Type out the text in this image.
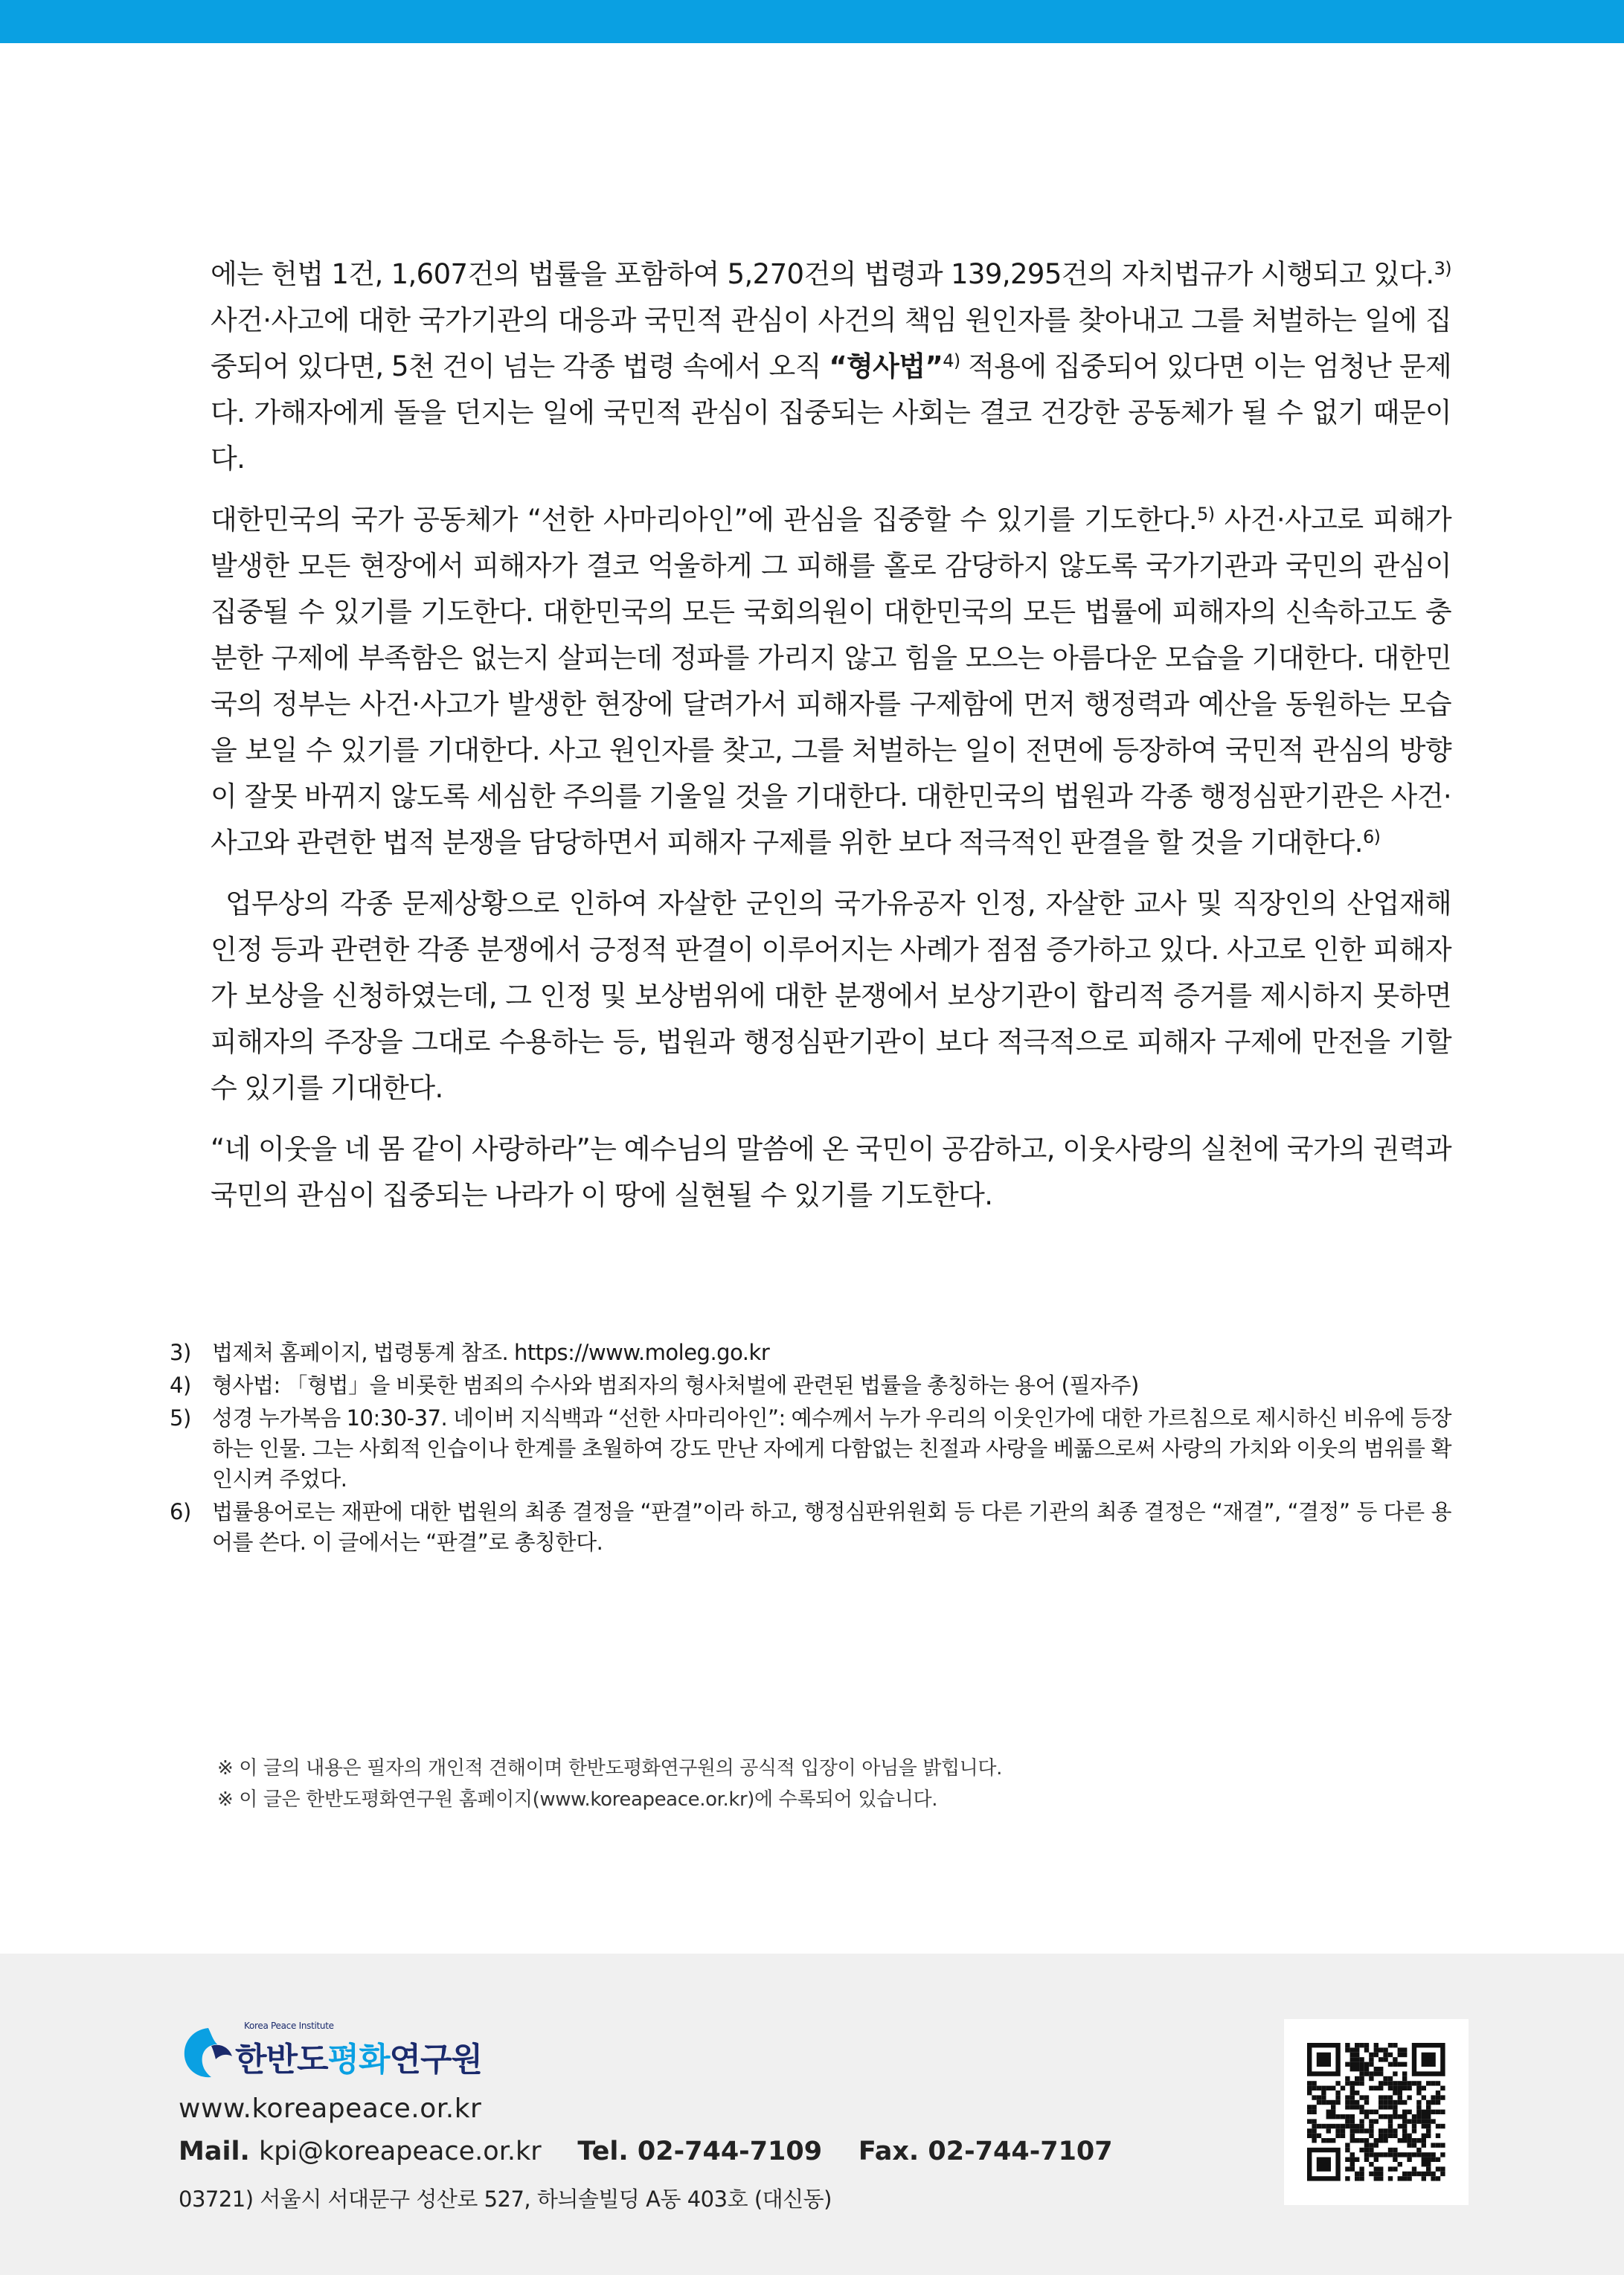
에는 헌법 1건, 1,607건의 법률을 포함하여 5,270건의 법령과 139,295건의 자치법규가 시행되고 있다.$^{3)}$ 사건·사고에 대한 국가기관의 대응과 국민적 관심이 사건의 책임 원인자를 찾아내고 그를 처벌하는 일에 집중되어 있다면, 5천 건이 넘는 각종 법령 속에서 오직 “형사법”$^{4)}$ 적용에 집중되어 있다면 이는 엄청난 문제다. 가해자에게 돌을 던지는 일에 국민적 관심이 집중되는 사회는 결코 건강한 공동체가 될 수 없기 때문이다.

대한민국의 국가 공동체가 “선한 사마리아인”에 관심을 집중할 수 있기를 기도한다.$^{5)}$ 사건·사고로 피해가 발생한 모든 현장에서 피해자가 결코 억울하게 그 피해를 홀로 감당하지 않도록 국가기관과 국민의 관심이 집중될 수 있기를 기도한다. 대한민국의 모든 국회의원이 대한민국의 모든 법률에 피해자의 신속하고도 충분한 구제에 부족함은 없는지 살피는데 정파를 가리지 않고 힘을 모으는 아름다운 모습을 기대한다. 대한민국의 정부는 사건·사고가 발생한 현장에 달려가서 피해자를 구제함에 먼저 행정력과 예산을 동원하는 모습을 보일 수 있기를 기대한다. 사고 원인자를 찾고, 그를 처벌하는 일이 전면에 등장하여 국민적 관심의 방향이 잘못 바뀌지 않도록 세심한 주의를 기울일 것을 기대한다. 대한민국의 법원과 각종 행정심판기관은 사건·사고와 관련한 법적 분쟁을 담당하면서 피해자 구제를 위한 보다 적극적인 판결을 할 것을 기대한다.$^{6)}$

업무상의 각종 문제상황으로 인하여 자살한 군인의 국가유공자 인정, 자살한 교사 및 직장인의 산업재해 인정 등과 관련한 각종 분쟁에서 긍정적 판결이 이루어지는 사례가 점점 증가하고 있다. 사고로 인한 피해자가 보상을 신청하였는데, 그 인정 및 보상범위에 대한 분쟁에서 보상기관이 합리적 증거를 제시하지 못하면 피해자의 주장을 그대로 수용하는 등, 법원과 행정심판기관이 보다 적극적으로 피해자 구제에 만전을 기할 수 있기를 기대한다.

“네 이웃을 네 몸 같이 사랑하라”는 예수님의 말씀에 온 국민이 공감하고, 이웃사랑의 실천에 국가의 권력과 국민의 관심이 집중되는 나라가 이 땅에 실현될 수 있기를 기도한다.

3) 법제처 홈페이지, 법령통계 참조. https://www.moleg.go.kr
4) 형사법: 「형법」을 비롯한 범죄의 수사와 범죄자의 형사처벌에 관련된 법률을 총칭하는 용어 (필자주)
5) 성경 누가복음 10:30-37. 네이버 지식백과 “선한 사마리아인”: 예수께서 누가 우리의 이웃인가에 대한 가르침으로 제시하신 비유에 등장하는 인물. 그는 사회적 인습이나 한계를 초월하여 강도 만난 자에게 다함없는 친절과 사랑을 베풂으로써 사랑의 가치와 이웃의 범위를 확인시켜 주었다.
6) 법률용어로는 재판에 대한 법원의 최종 결정을 “판결”이라 하고, 행정심판위원회 등 다른 기관의 최종 결정은 “재결”, “결정” 등 다른 용어를 쓴다. 이 글에서는 “판결”로 총칭한다.
※ 이 글의 내용은 필자의 개인적 견해이며 한반도평화연구원의 공식적 입장이 아님을 밝힙니다.
※ 이 글은 한반도평화연구원 홈페이지(www.koreapeace.or.kr)에 수록되어 있습니다.
Korea Peace Institute
한반도평화연구원
www.koreapeace.or.kr
Mail. kpi@koreapeace.or.kr Tel. 02-744-7109 Fax. 02-744-7107
03721) 서울시 서대문구 성산로 527, 하늬솔빌딩 A동 403호 (대신동)
